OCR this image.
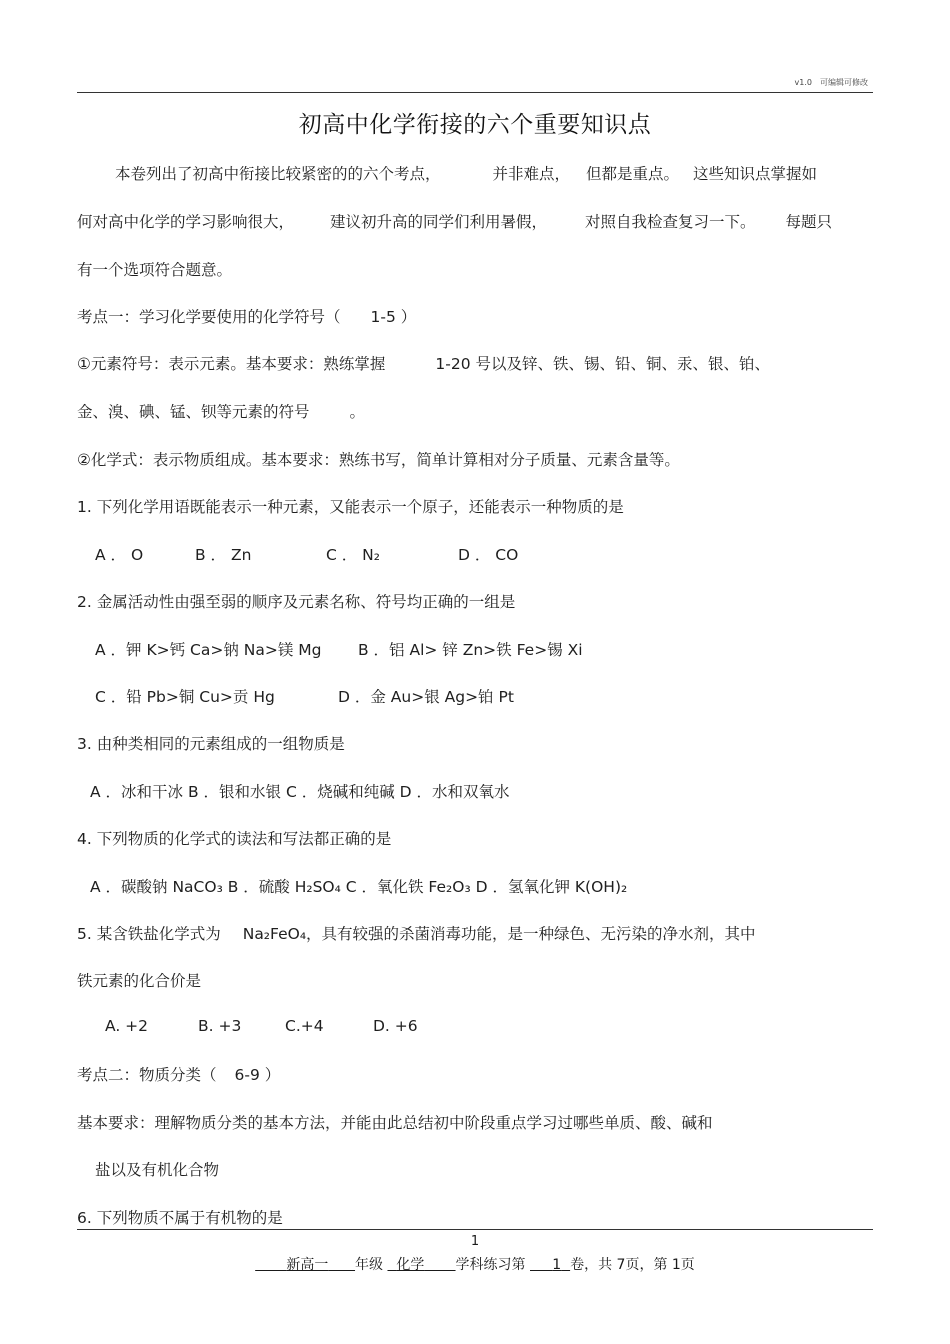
v1.0　可编辑可修改
初高中化学衔接的六个重要知识点
本卷列出了初高中衔接比较紧密的的六个考点，	并非难点， 但都是重点。 这些知识点掌握如
何对高中化学的学习影响很大， 建议初升高的同学们利用暑假， 对照自我检查复习一下。 每题只
有一个选项符合题意。
考点一：学习化学要使用的化学符号（ 1-5 ）
①元素符号：表示元素。基本要求：熟练掌握	1-20 号以及锌、铁、锡、铅、铜、汞、银、铂、
金、溴、碘、锰、钡等元素的符号	。
②化学式：表示物质组成。基本要求：熟练书写，简单计算相对分子质量、元素含量等。
1. 下列化学用语既能表示一种元素，又能表示一个原子，还能表示一种物质的是
A ． O	B ． Zn	C ． N₂	D ． CO
2. 金属活动性由强至弱的顺序及元素名称、符号均正确的一组是
A ．钾 K>钙 Ca>钠 Na>镁 Mg B ．铝 Al> 锌 Zn>铁 Fe>锡 Xi
C ．铅 Pb>铜 Cu>贡 Hg	D ．金 Au>银 Ag>铂 Pt
3. 由种类相同的元素组成的一组物质是
A ．冰和干冰 B ．银和水银 C ．烧碱和纯碱 D ．水和双氧水
4. 下列物质的化学式的读法和写法都正确的是
A ．碳酸钠 NaCO₃ B ．硫酸 H₂SO₄ C ．氧化铁 Fe₂O₃ D ．氢氧化钾 K(OH)₂
5. 某含铁盐化学式为 Na₂FeO₄，具有较强的杀菌消毒功能，是一种绿色、无污染的净水剂，其中
铁元素的化合价是
A. +2	B. +3	C.+4	D. +6
考点二：物质分类（ 6-9 ）
基本要求：理解物质分类的基本方法，并能由此总结初中阶段重点学习过哪些单质、酸、碱和
盐以及有机化合物
6. 下列物质不属于有机物的是
1
新高一 年级 化学 学科练习第 1 卷，共 7页，第 1页
